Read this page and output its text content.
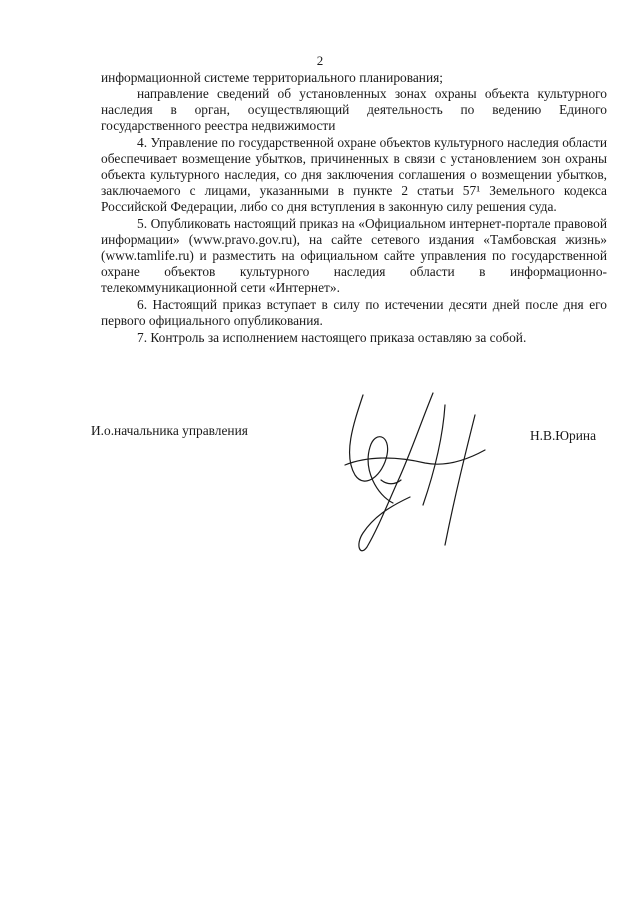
2

информационной системе территориального планирования;

направление сведений об установленных зонах охраны объекта культурного наследия в орган, осуществляющий деятельность по ведению Единого государственного реестра недвижимости

4. Управление по государственной охране объектов культурного наследия области обеспечивает возмещение убытков, причиненных в связи с установлением зон охраны объекта культурного наследия, со дня заключения соглашения о возмещении убытков, заключаемого с лицами, указанными в пункте 2 статьи 57¹ Земельного кодекса Российской Федерации, либо со дня вступления в законную силу решения суда.

5. Опубликовать настоящий приказ на «Официальном интернет-портале правовой информации» (www.pravo.gov.ru), на сайте сетевого издания «Тамбовская жизнь» (www.tamlife.ru) и разместить на официальном сайте управления по государственной охране объектов культурного наследия области в информационно-телекоммуникационной сети «Интернет».

6. Настоящий приказ вступает в силу по истечении десяти дней после дня его первого официального опубликования.

7. Контроль за исполнением настоящего приказа оставляю за собой.

И.о.начальника управления	Н.В.Юрина
